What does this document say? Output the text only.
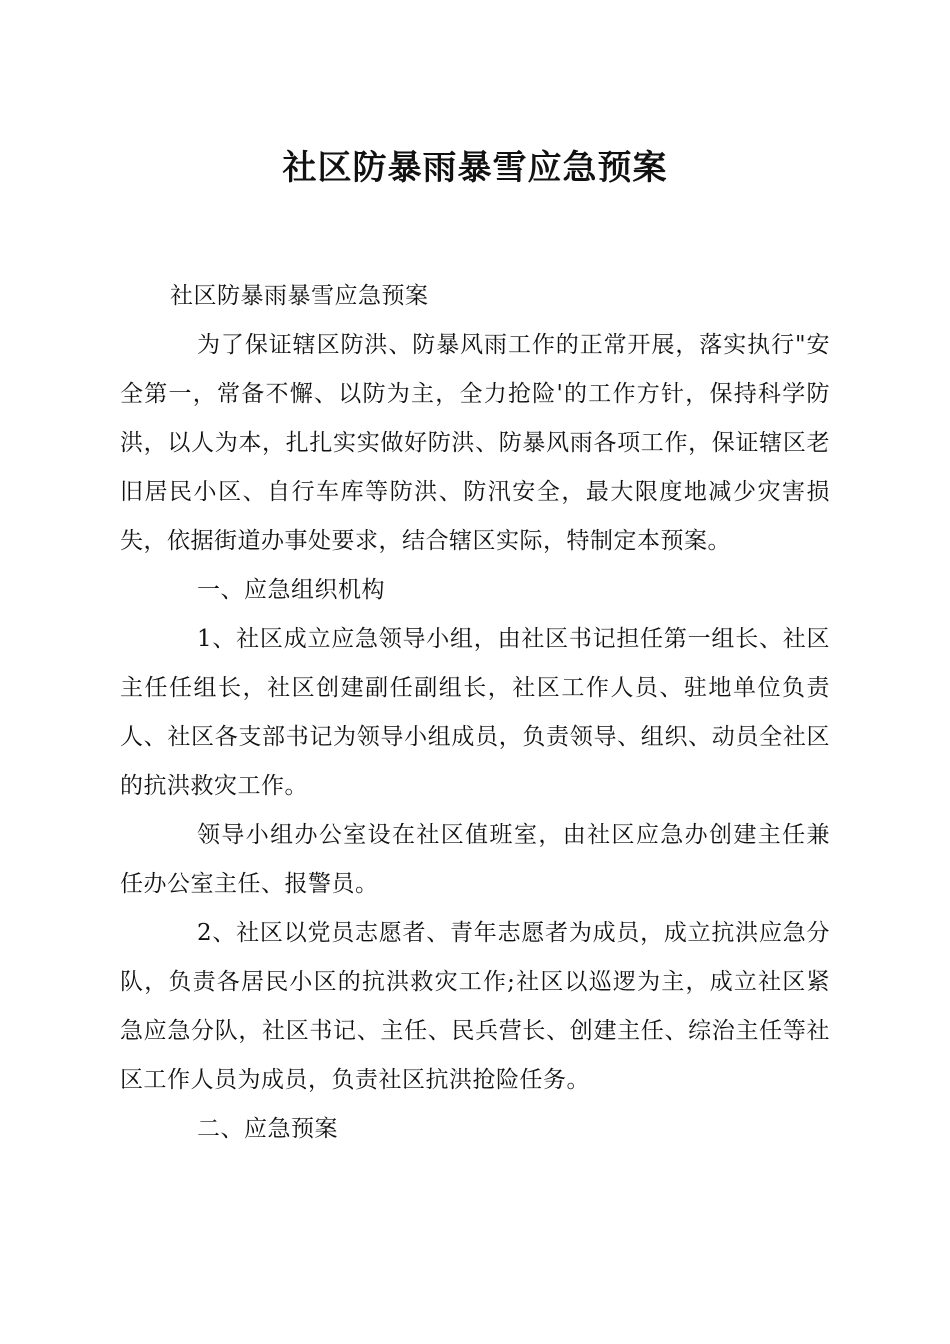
社区防暴雨暴雪应急预案

社区防暴雨暴雪应急预案

为了保证辖区防洪、防暴风雨工作的正常开展，落实执行"安全第一，常备不懈、以防为主，全力抢险'的工作方针，保持科学防洪，以人为本，扎扎实实做好防洪、防暴风雨各项工作，保证辖区老旧居民小区、自行车库等防洪、防汛安全，最大限度地减少灾害损失，依据街道办事处要求，结合辖区实际，特制定本预案。

一、应急组织机构

1、社区成立应急领导小组，由社区书记担任第一组长、社区主任任组长，社区创建副任副组长，社区工作人员、驻地单位负责人、社区各支部书记为领导小组成员，负责领导、组织、动员全社区的抗洪救灾工作。

领导小组办公室设在社区值班室，由社区应急办创建主任兼任办公室主任、报警员。

2、社区以党员志愿者、青年志愿者为成员，成立抗洪应急分队，负责各居民小区的抗洪救灾工作;社区以巡逻为主，成立社区紧急应急分队，社区书记、主任、民兵营长、创建主任、综治主任等社区工作人员为成员，负责社区抗洪抢险任务。

二、应急预案
